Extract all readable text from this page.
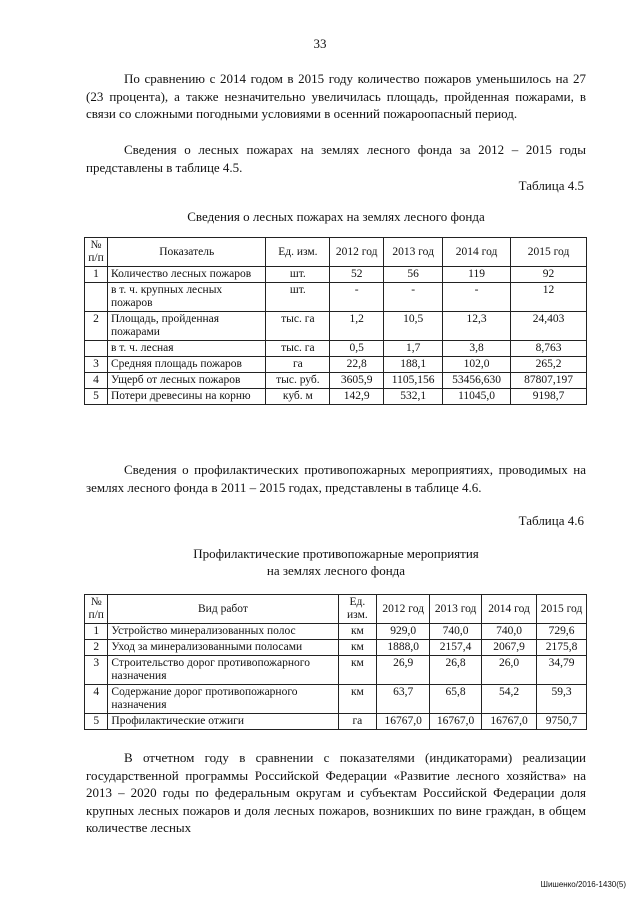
33

По сравнению с 2014 годом в 2015 году количество пожаров уменьшилось на 27 (23 процента), а также незначительно увеличилась площадь, пройденная пожарами, в связи со сложными погодными условиями в осенний пожароопасный период.

Сведения о лесных пожарах на землях лесного фонда за 2012 – 2015 годы представлены в таблице 4.5.

Таблица 4.5
Сведения о лесных пожарах на землях лесного фонда
№ п/п	Показатель	Ед. изм.	2012 год	2013 год	2014 год	2015 год
1	Количество лесных пожаров	шт.	52	56	119	92
	в т. ч. крупных лесных пожаров	шт.	-	-	-	12
2	Площадь, пройденная пожарами	тыс. га	1,2	10,5	12,3	24,403
	в т. ч. лесная	тыс. га	0,5	1,7	3,8	8,763
3	Средняя площадь пожаров	га	22,8	188,1	102,0	265,2
4	Ущерб от лесных пожаров	тыс. руб.	3605,9	1105,156	53456,630	87807,197
5	Потери древесины на корню	куб. м	142,9	532,1	11045,0	9198,7

Сведения о профилактических противопожарных мероприятиях, проводимых на землях лесного фонда в 2011 – 2015 годах, представлены в таблице 4.6.

Таблица 4.6
Профилактические противопожарные мероприятия
на землях лесного фонда
№ п/п	Вид работ	Ед. изм.	2012 год	2013 год	2014 год	2015 год
1	Устройство минерализованных полос	км	929,0	740,0	740,0	729,6
2	Уход за минерализованными полосами	км	1888,0	2157,4	2067,9	2175,8
3	Строительство дорог противопожарного назначения	км	26,9	26,8	26,0	34,79
4	Содержание дорог противопожарного назначения	км	63,7	65,8	54,2	59,3
5	Профилактические отжиги	га	16767,0	16767,0	16767,0	9750,7

В отчетном году в сравнении с показателями (индикаторами) реализации государственной программы Российской Федерации «Развитие лесного хозяйства» на 2013 – 2020 годы по федеральным округам и субъектам Российской Федерации доля крупных лесных пожаров и доля лесных пожаров, возникших по вине граждан, в общем количестве лесных

Шишенко/2016-1430(5)
